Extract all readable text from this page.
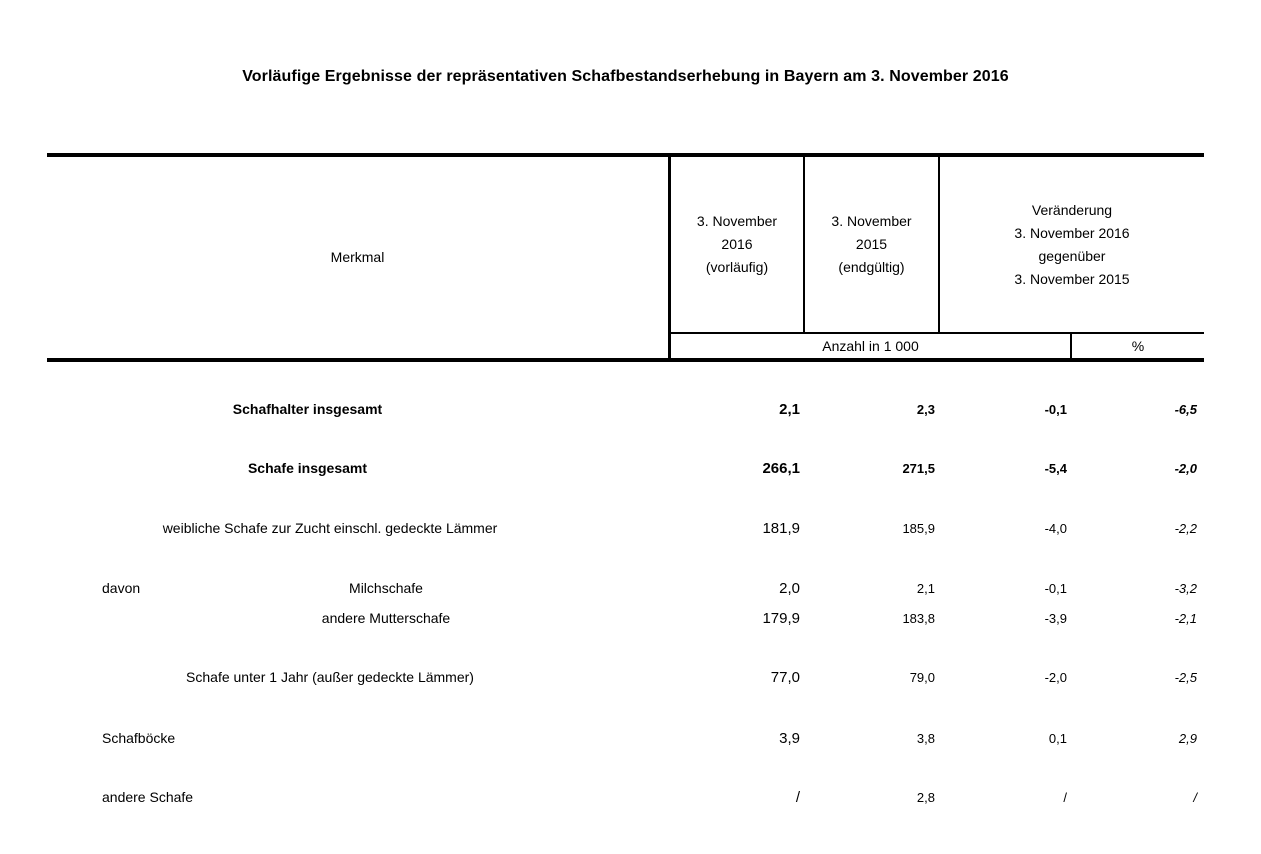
Vorläufige Ergebnisse der repräsentativen Schafbestandserhebung in Bayern am 3. November 2016
Merkmal
3. November
2016
(vorläufig)
3. November
2015
(endgültig)
Veränderung
3. November 2016
gegenüber
3. November 2015
Anzahl in 1 000	%
Schafhalter insgesamt	2,1	2,3	-0,1	-6,5
Schafe insgesamt	266,1	271,5	-5,4	-2,0
weibliche Schafe zur Zucht einschl. gedeckte Lämmer	181,9	185,9	-4,0	-2,2
davon	Milchschafe	2,0	2,1	-0,1	-3,2
andere Mutterschafe	179,9	183,8	-3,9	-2,1
Schafe unter 1 Jahr (außer gedeckte Lämmer)	77,0	79,0	-2,0	-2,5
Schafböcke	3,9	3,8	0,1	2,9
andere Schafe	/	2,8	/	/
